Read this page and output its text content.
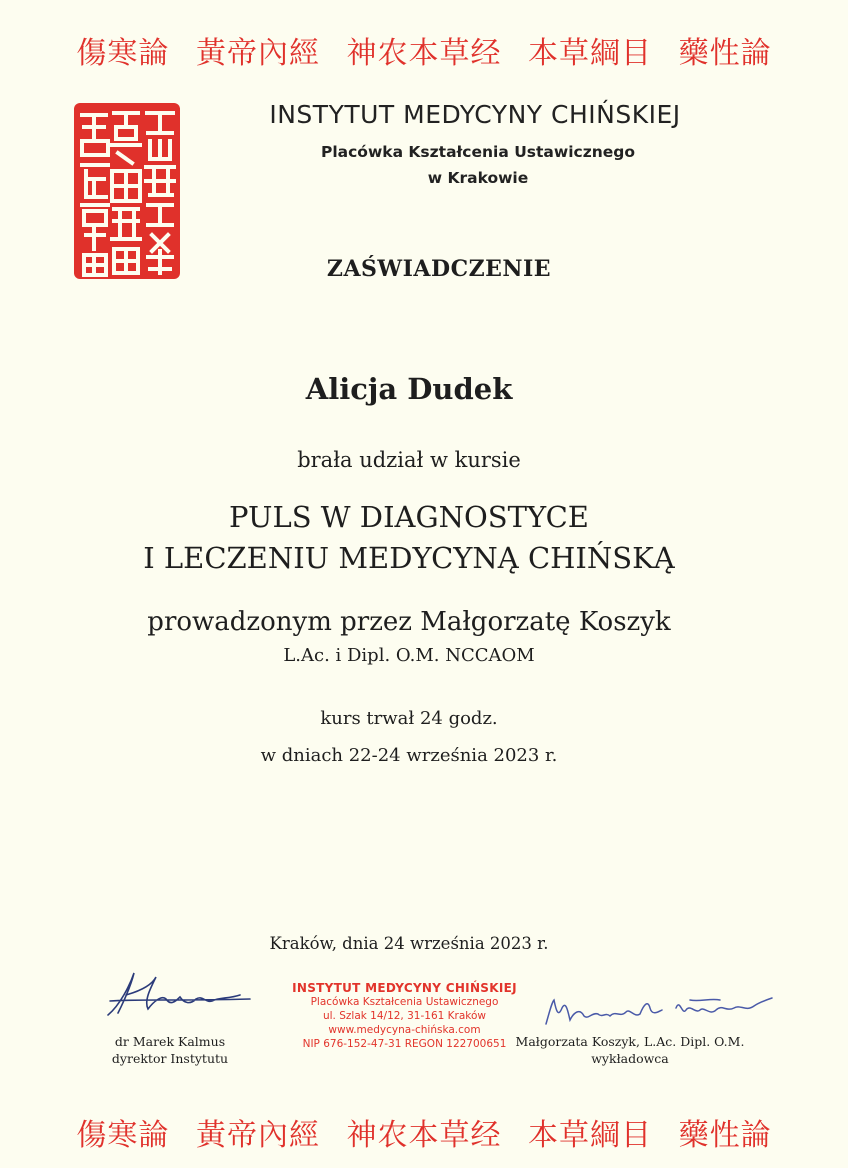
傷寒論 黃帝內經 神农本草经 本草綱目 藥性論
INSTYTUT MEDYCYNY CHIŃSKIEJ
Placówka Kształcenia Ustawicznego
w Krakowie
ZAŚWIADCZENIE
Alicja Dudek
brała udział w kursie
PULS W DIAGNOSTYCE
I LECZENIU MEDYCYNĄ CHIŃSKĄ
prowadzonym przez Małgorzatę Koszyk
L.Ac. i Dipl. O.M. NCCAOM
kurs trwał 24 godz.
w dniach 22-24 września 2023 r.
Kraków, dnia 24 września 2023 r.
INSTYTUT MEDYCYNY CHIŃSKIEJ
Placówka Kształcenia Ustawicznego
ul. Szlak 14/12, 31-161 Kraków
www.medycyna-chińska.com
NIP 676-152-47-31 REGON 122700651
dr Marek Kalmus
dyrektor Instytutu
Małgorzata Koszyk, L.Ac. Dipl. O.M.
wykładowca
傷寒論 黃帝內經 神农本草经 本草綱目 藥性論
